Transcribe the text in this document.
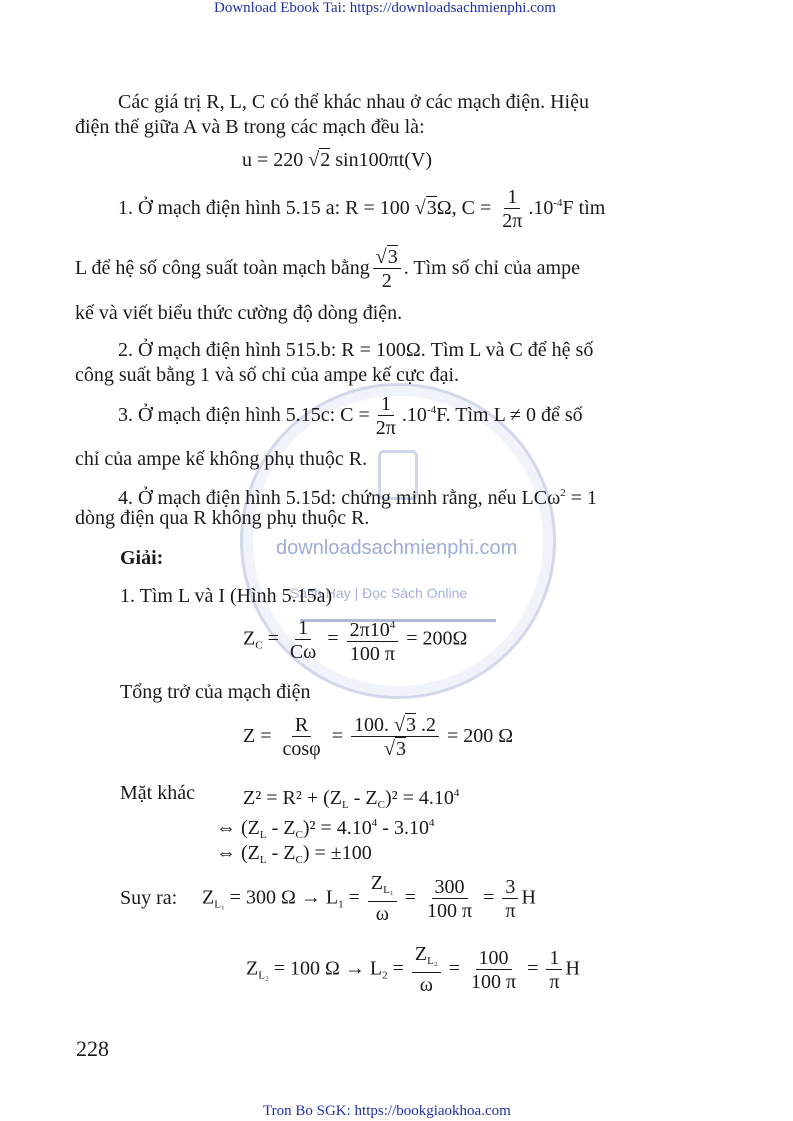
Download Ebook Tai: https://downloadsachmienphi.com
downloadsachmienphi.com
Sách Hay | Đọc Sách Online
Các giá trị R, L, C có thể khác nhau ở các mạch điện. Hiệu
điện thế giữa A và B trong các mạch đều là:
u = 220 √2 sin100πt(V)
1. Ở mạch điện hình 5.15 a: R = 100 √3Ω, $C = \frac{1}{2\pi} .10^{-4}F$ tìm
L để hệ số công suất toàn mạch bằng $\frac{√3}{2}$ . Tìm số chỉ của ampe
kế và viết biểu thức cường độ dòng điện.
2. Ở mạch điện hình 515.b: R = 100Ω. Tìm L và C để hệ số
công suất bằng 1 và số chỉ của ampe kế cực đại.
3. Ở mạch điện hình 5.15c: $C = \frac{1}{2\pi} .10^{-4}F$. Tìm L ≠ 0 để số
chỉ của ampe kế không phụ thuộc R.
4. Ở mạch điện hình 5.15d: chứng minh rằng, nếu LCω$^2$ = 1
dòng điện qua R không phụ thuộc R.
Giải:
1. Tìm L và I (Hình 5.15a)
$Z_C = \frac{1}{C\omega} = \frac{2\pi 10^4}{100 \pi} = 200\Omega$
Tổng trở của mạch điện
$Z = \frac{R}{\cos\varphi} = \frac{100. √3 .2}{√3} = 200$ Ω
Mặt khác $Z^2 = R^2 + (Z_L - Z_C)^2 = 4.10^4$
⇔ $(Z_L - Z_C)^2 = 4.10^4 - 3.10^4$
⇔ $(Z_L - Z_C) = \pm 100$
Suy ra: $Z_{L_1} = 300$ $\Omega \to L_1 = \frac{Z_{L_1}}{\omega} = \frac{300}{100 \pi} = \frac{3}{\pi}$ H
$Z_{L_2} = 100$ $\Omega \to L_2 = \frac{Z_{L_2}}{\omega} = \frac{100}{100 \pi} = \frac{1}{\pi}$ H
228
Tron Bo SGK: https://bookgiaokhoa.com
